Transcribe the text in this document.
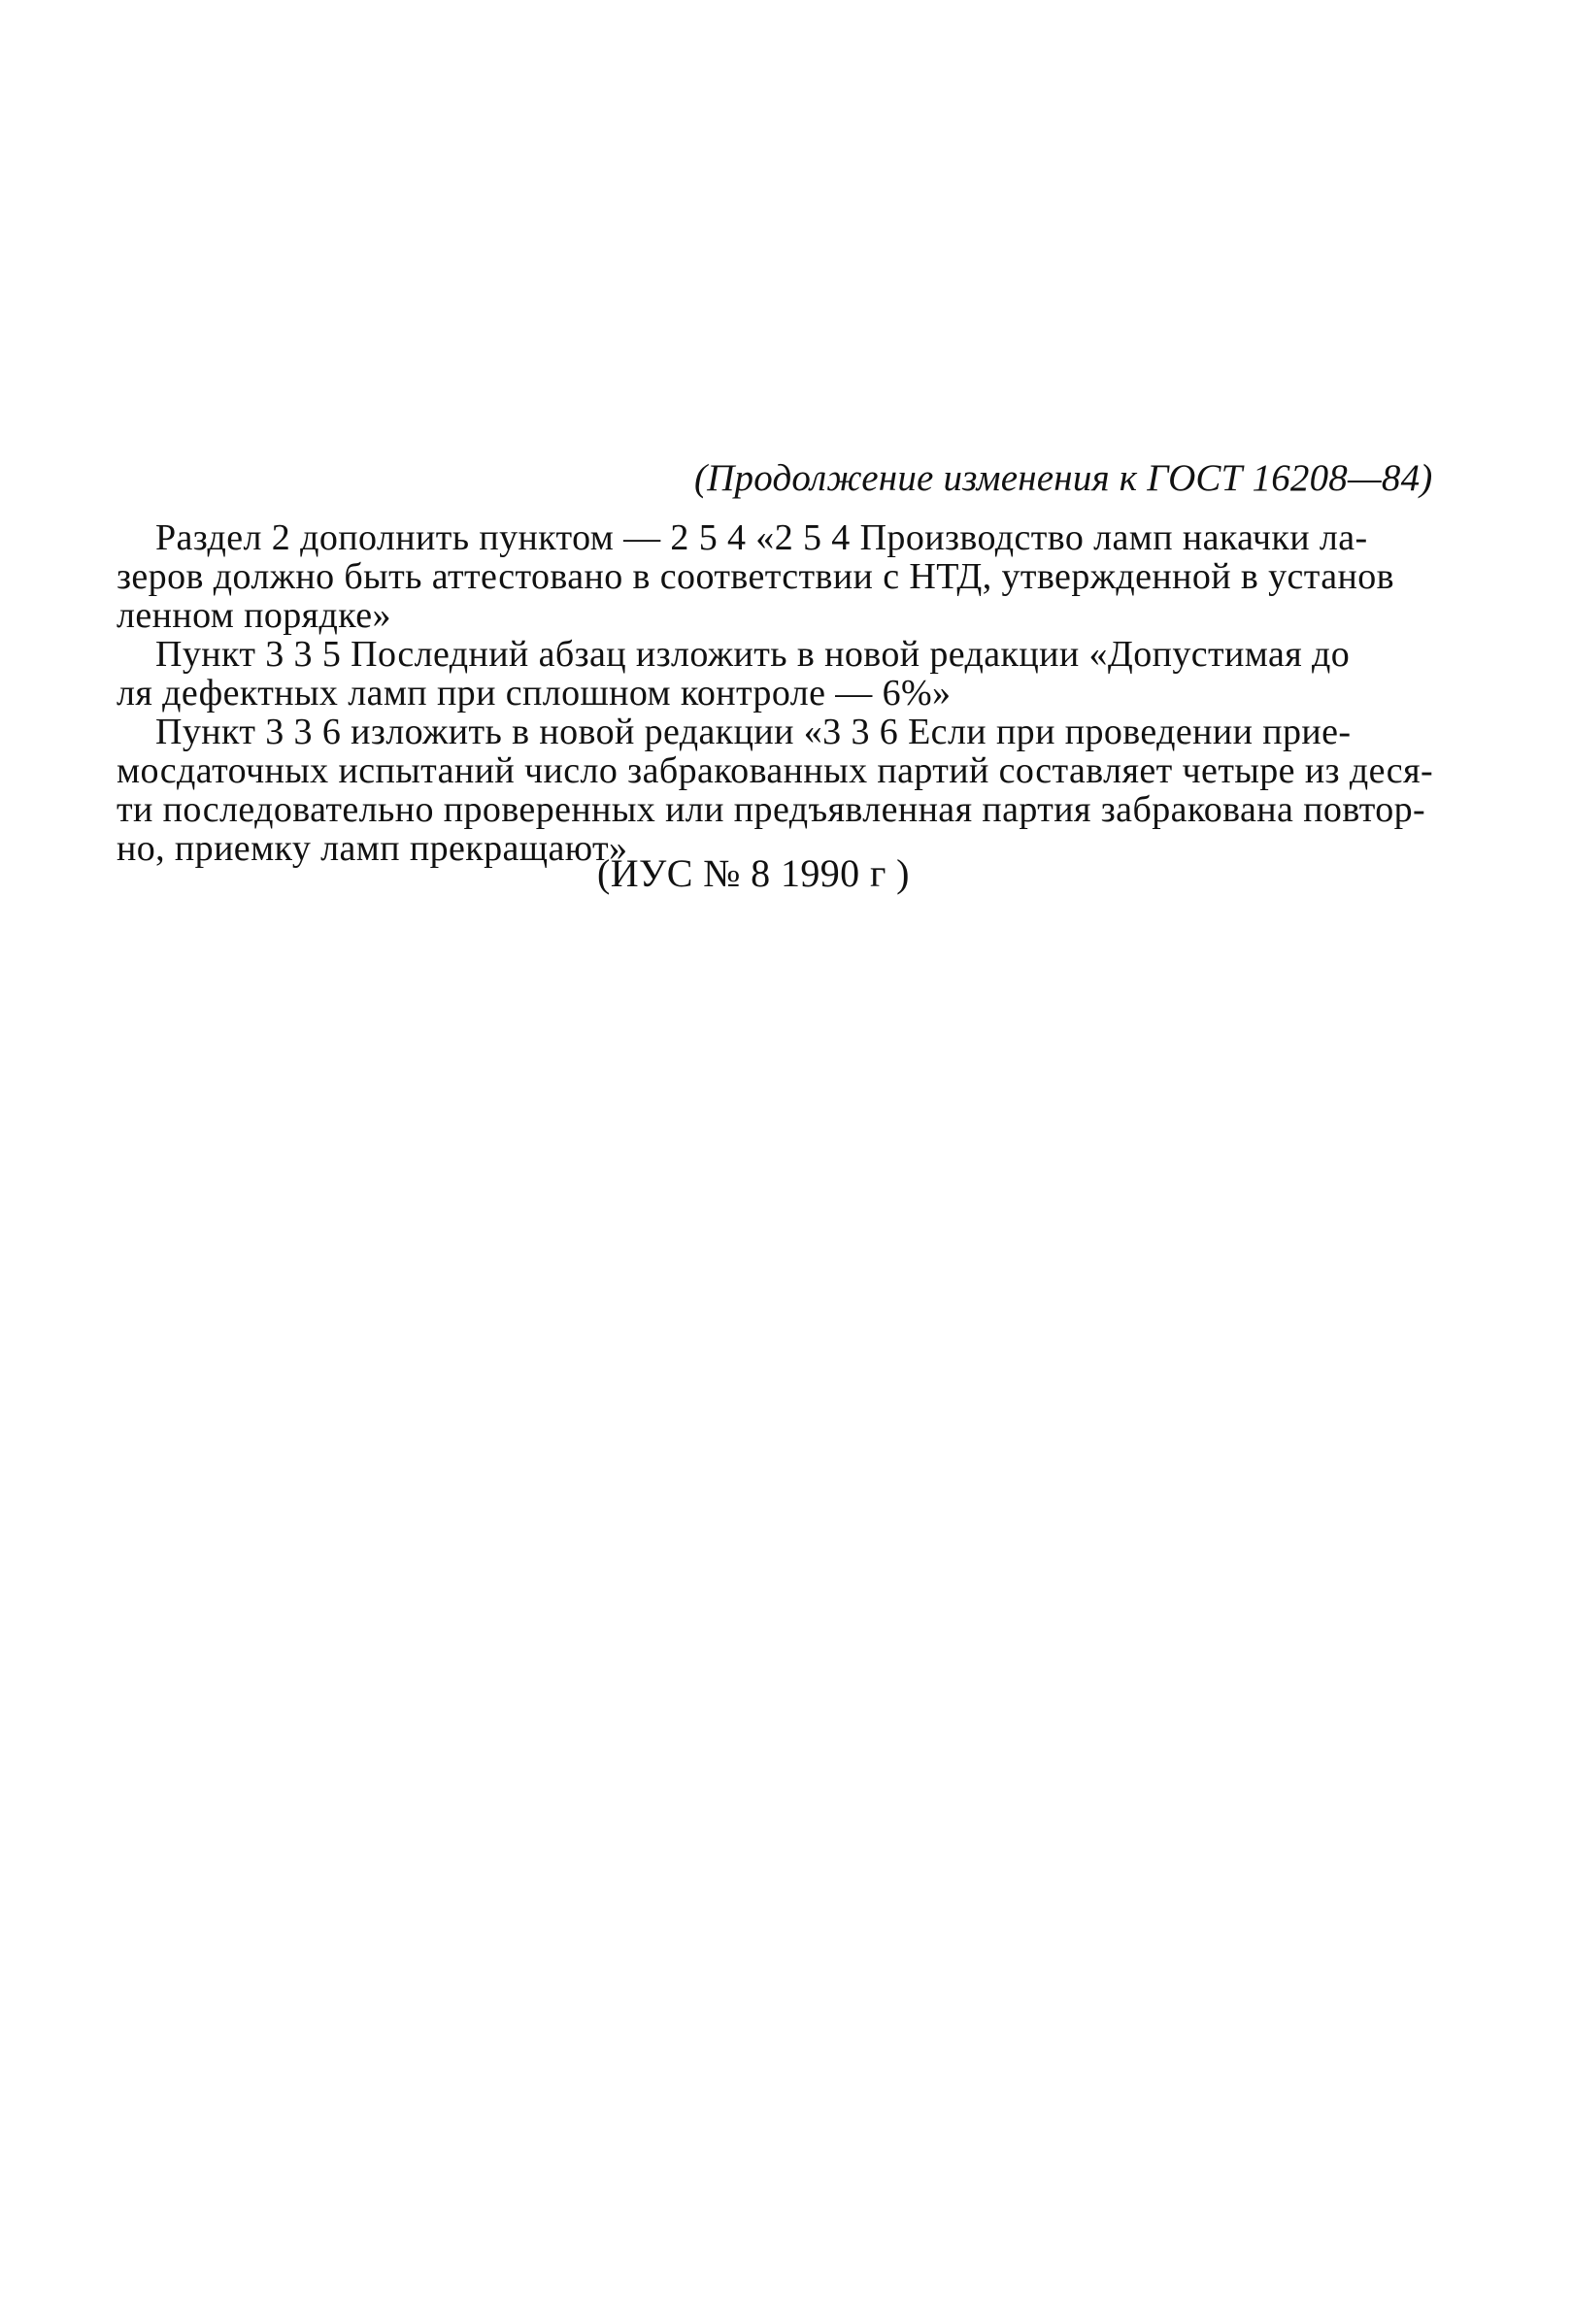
(Продолжение изменения к ГОСТ 16208—84)
Раздел 2 дополнить пунктом — 2 5 4 «2 5 4 Производство ламп накачки ла-
зеров должно быть аттестовано в соответствии с НТД, утвержденной в установ
ленном порядке»
Пункт 3 3 5 Последний абзац изложить в новой редакции «Допустимая до
ля дефектных ламп при сплошном контроле — 6%»
Пункт 3 3 6 изложить в новой редакции «3 3 6 Если при проведении прие-
мосдаточных испытаний число забракованных партий составляет четыре из деся-
ти последовательно проверенных или предъявленная партия забракована повтор-
но, приемку ламп прекращают»
(ИУС № 8 1990 г )
